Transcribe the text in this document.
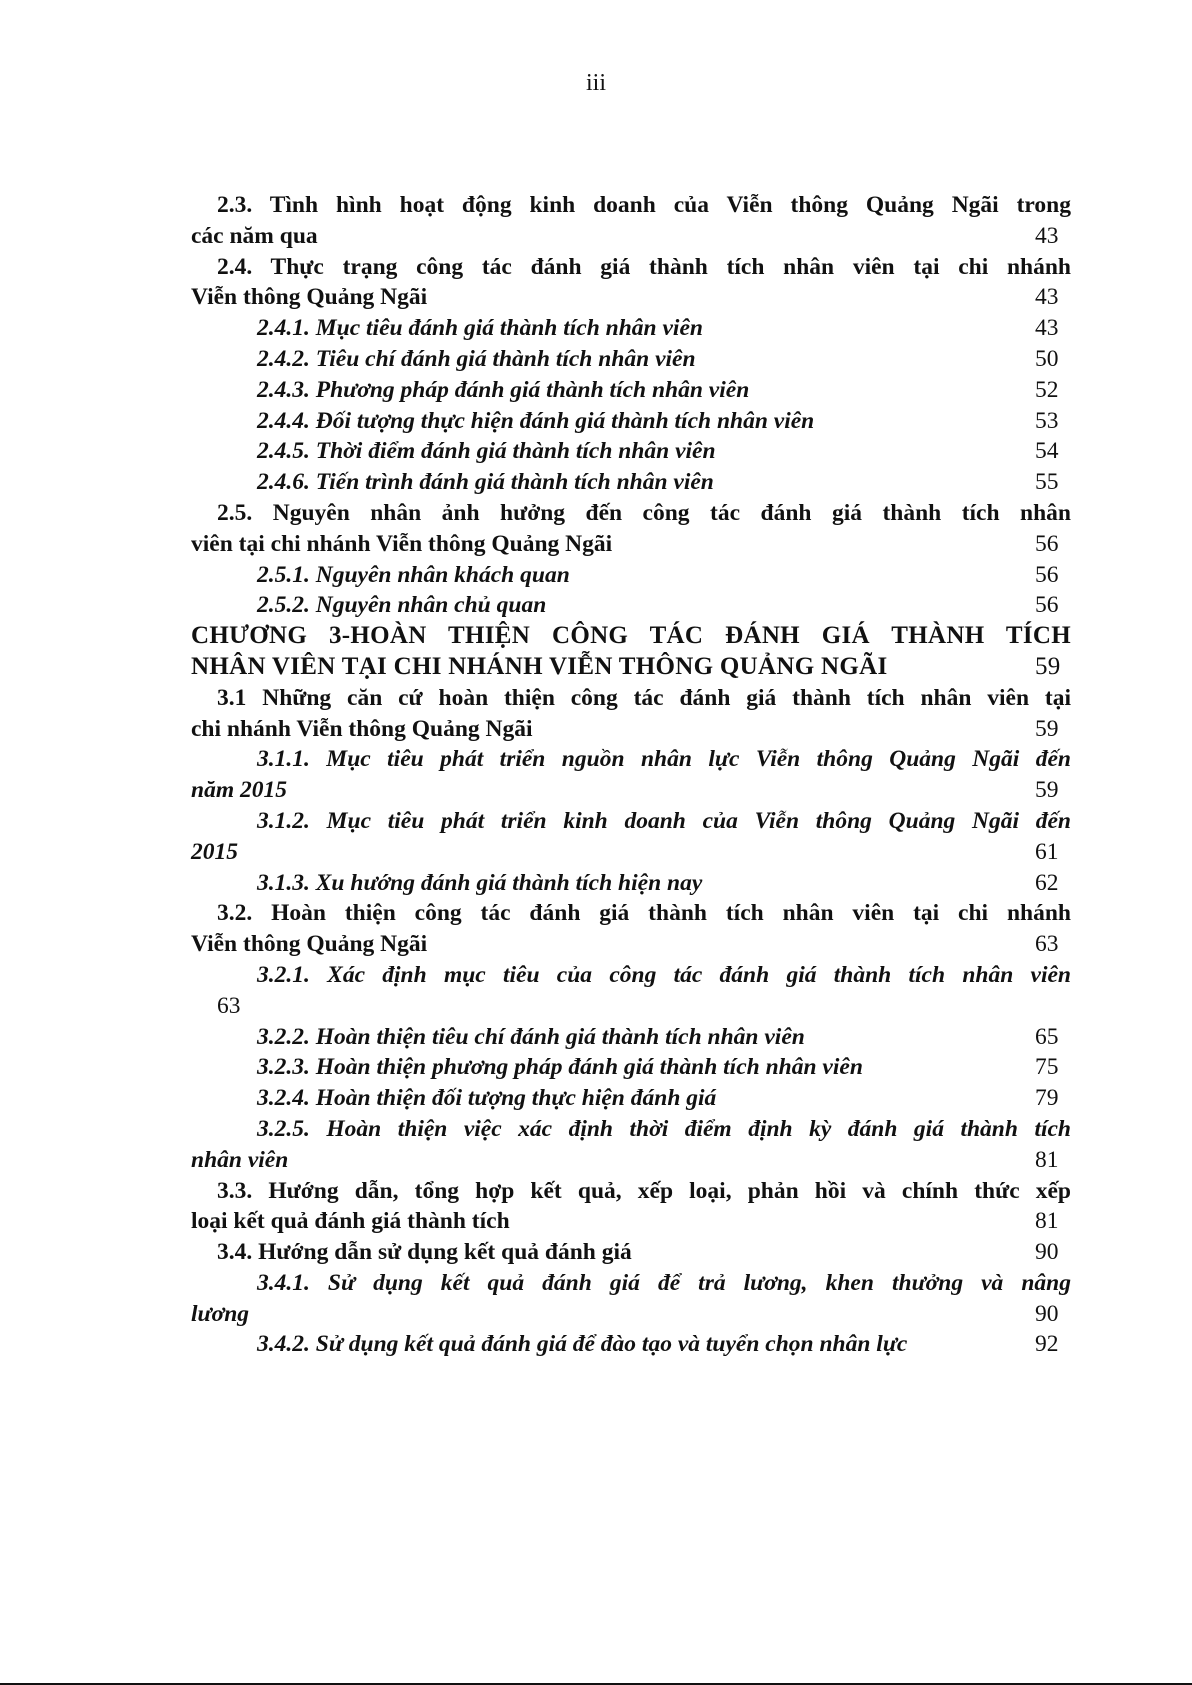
iii
2.3. Tình hình hoạt động kinh doanh của Viễn thông Quảng Ngãi trong
các năm qua	43
2.4. Thực trạng công tác đánh giá thành tích nhân viên tại chi nhánh
Viễn thông Quảng Ngãi	43
2.4.1. Mục tiêu đánh giá thành tích nhân viên	43
2.4.2. Tiêu chí đánh giá thành tích nhân viên	50
2.4.3. Phương pháp đánh giá thành tích nhân viên	52
2.4.4. Đối tượng thực hiện đánh giá thành tích nhân viên	53
2.4.5. Thời điểm đánh giá thành tích nhân viên	54
2.4.6. Tiến trình đánh giá thành tích nhân viên	55
2.5. Nguyên nhân ảnh hưởng đến công tác đánh giá thành tích nhân
viên tại chi nhánh Viễn thông Quảng Ngãi	56
2.5.1. Nguyên nhân khách quan	56
2.5.2. Nguyên nhân chủ quan	56
CHƯƠNG 3-HOÀN THIỆN CÔNG TÁC ĐÁNH GIÁ THÀNH TÍCH
NHÂN VIÊN TẠI CHI NHÁNH VIỄN THÔNG QUẢNG NGÃI	59
3.1 Những căn cứ hoàn thiện công tác đánh giá thành tích nhân viên tại
chi nhánh Viễn thông Quảng Ngãi	59
3.1.1. Mục tiêu phát triển nguồn nhân lực Viễn thông Quảng Ngãi đến
năm 2015	59
3.1.2. Mục tiêu phát triển kinh doanh của Viễn thông Quảng Ngãi đến
2015	61
3.1.3. Xu hướng đánh giá thành tích hiện nay	62
3.2. Hoàn thiện công tác đánh giá thành tích nhân viên tại chi nhánh
Viễn thông Quảng Ngãi	63
3.2.1. Xác định mục tiêu của công tác đánh giá thành tích nhân viên
63
3.2.2. Hoàn thiện tiêu chí đánh giá thành tích nhân viên	65
3.2.3. Hoàn thiện phương pháp đánh giá thành tích nhân viên	75
3.2.4. Hoàn thiện đối tượng thực hiện đánh giá	79
3.2.5. Hoàn thiện việc xác định thời điểm định kỳ đánh giá thành tích
nhân viên	81
3.3. Hướng dẫn, tổng hợp kết quả, xếp loại, phản hồi và chính thức xếp
loại kết quả đánh giá thành tích	81
3.4. Hướng dẫn sử dụng kết quả đánh giá	90
3.4.1. Sử dụng kết quả đánh giá để trả lương, khen thưởng và nâng
lương	90
3.4.2. Sử dụng kết quả đánh giá để đào tạo và tuyển chọn nhân lực	92
